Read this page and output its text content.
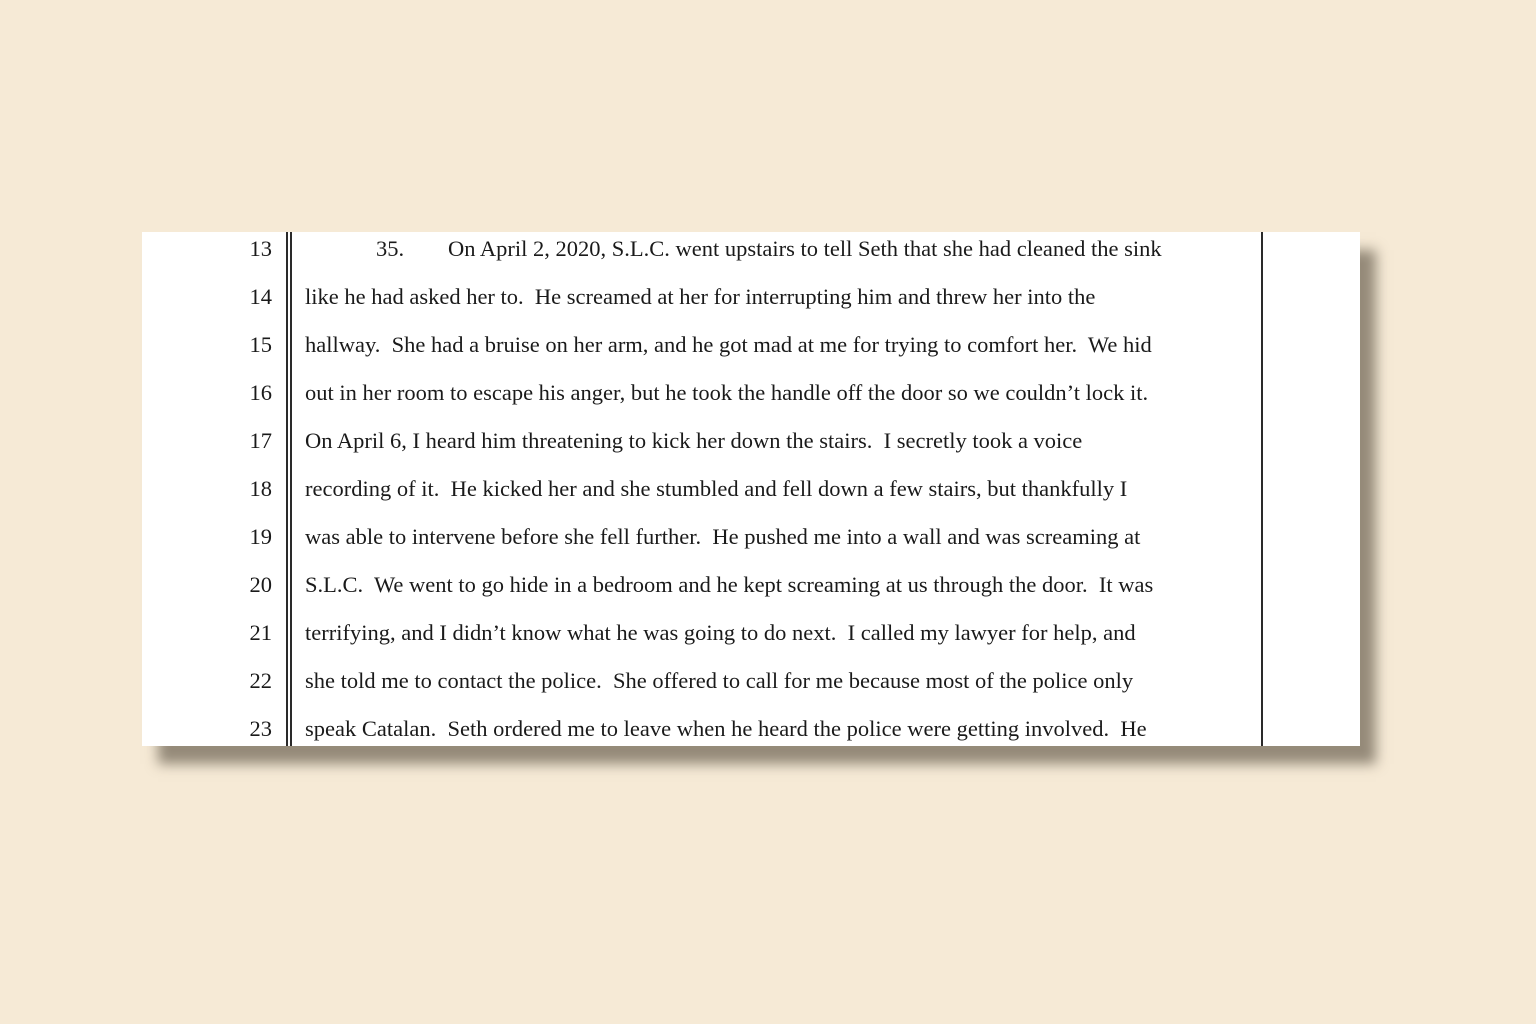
13	35. On April 2, 2020, S.L.C. went upstairs to tell Seth that she had cleaned the sink
14 like he had asked her to.  He screamed at her for interrupting him and threw her into the
15 hallway.  She had a bruise on her arm, and he got mad at me for trying to comfort her.  We hid
16 out in her room to escape his anger, but he took the handle off the door so we couldn’t lock it.
17 On April 6, I heard him threatening to kick her down the stairs.  I secretly took a voice
18 recording of it.  He kicked her and she stumbled and fell down a few stairs, but thankfully I
19 was able to intervene before she fell further.  He pushed me into a wall and was screaming at
20 S.L.C.  We went to go hide in a bedroom and he kept screaming at us through the door.  It was
21 terrifying, and I didn’t know what he was going to do next.  I called my lawyer for help, and
22 she told me to contact the police.  She offered to call for me because most of the police only
23 speak Catalan.  Seth ordered me to leave when he heard the police were getting involved.  He
